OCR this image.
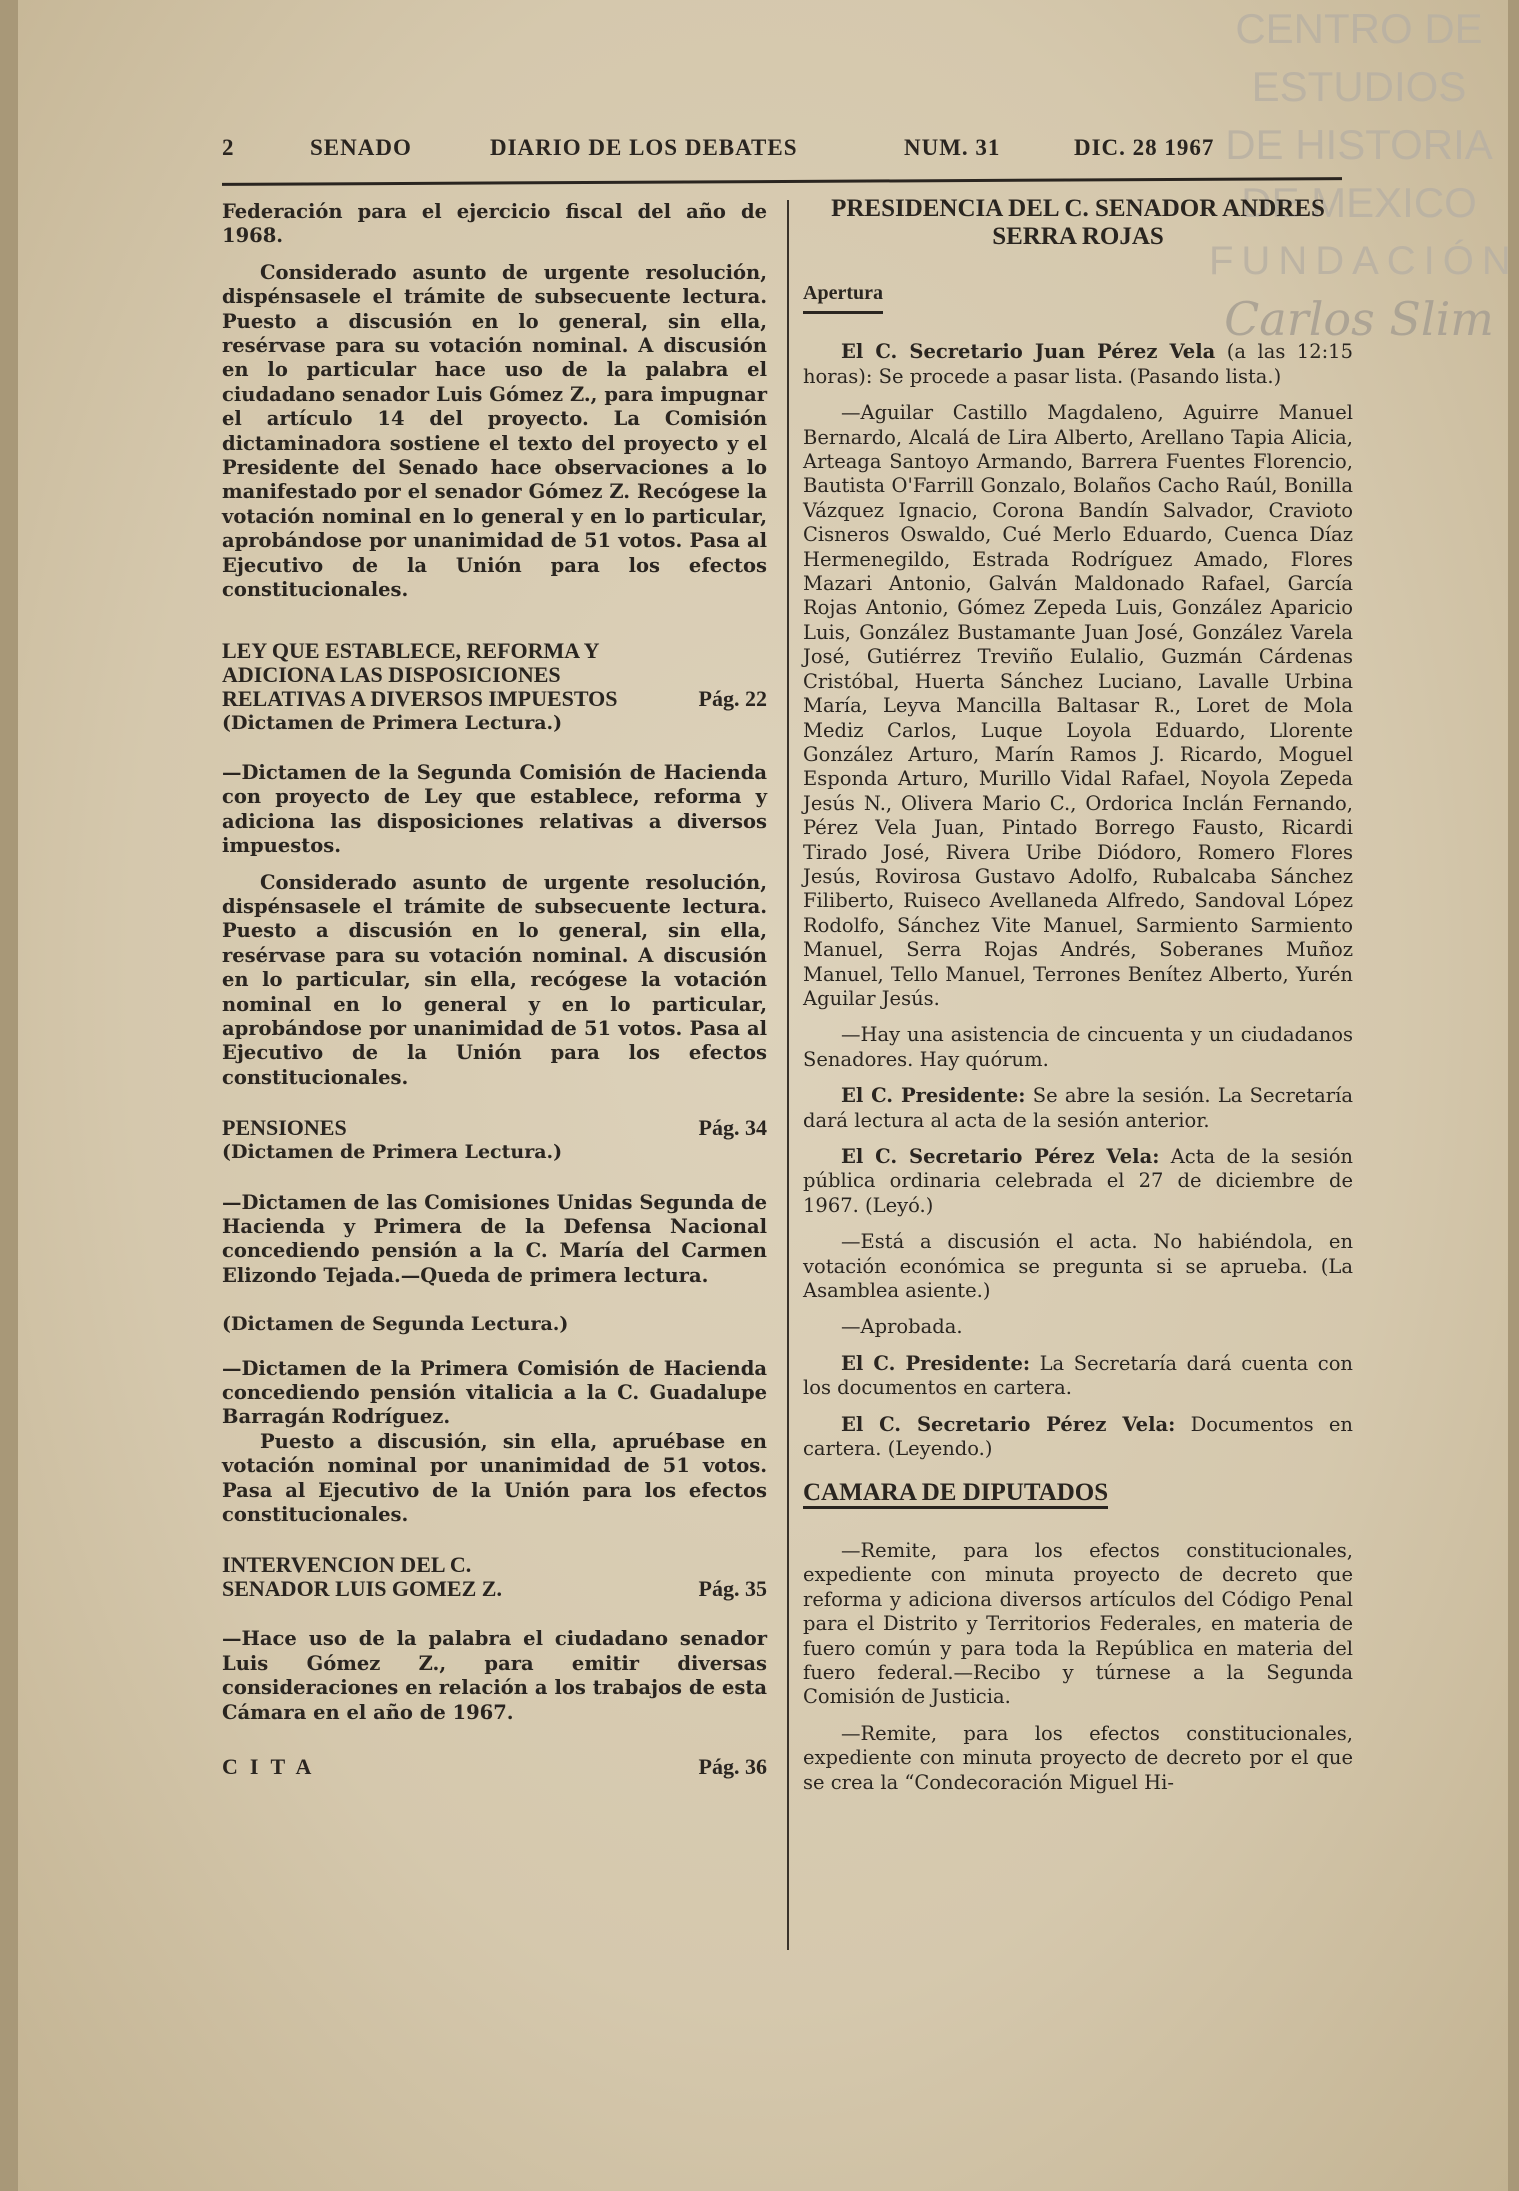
CENTRO DE
ESTUDIOS
DE HISTORIA
DE MEXICO
FUNDACIÓN
Carlos Slim
2	SENADO	DIARIO DE LOS DEBATES	NUM. 31	DIC. 28 1967

Federación para el ejercicio fiscal del año de 1968.

Considerado asunto de urgente resolución, dispénsasele el trámite de subsecuente lectura. Puesto a discusión en lo general, sin ella, resérvase para su votación nominal. A discusión en lo particular hace uso de la palabra el ciudadano senador Luis Gómez Z., para impugnar el artículo 14 del proyecto. La Comisión dictaminadora sostiene el texto del proyecto y el Presidente del Senado hace observaciones a lo manifestado por el senador Gómez Z. Recógese la votación nominal en lo general y en lo particular, aprobándose por unanimidad de 51 votos. Pasa al Ejecutivo de la Unión para los efectos constitucionales.

LEY QUE ESTABLECE, REFORMA Y ADICIONA LAS DISPOSICIONES RELATIVAS A DIVERSOS IMPUESTOS	Pág. 22
(Dictamen de Primera Lectura.)

—Dictamen de la Segunda Comisión de Hacienda con proyecto de Ley que establece, reforma y adiciona las disposiciones relativas a diversos impuestos.

Considerado asunto de urgente resolución, dispénsasele el trámite de subsecuente lectura. Puesto a discusión en lo general, sin ella, resérvase para su votación nominal. A discusión en lo particular, sin ella, recógese la votación nominal en lo general y en lo particular, aprobándose por unanimidad de 51 votos. Pasa al Ejecutivo de la Unión para los efectos constitucionales.

PENSIONES	Pág. 34
(Dictamen de Primera Lectura.)

—Dictamen de las Comisiones Unidas Segunda de Hacienda y Primera de la Defensa Nacional concediendo pensión a la C. María del Carmen Elizondo Tejada.—Queda de primera lectura.

(Dictamen de Segunda Lectura.)

—Dictamen de la Primera Comisión de Hacienda concediendo pensión vitalicia a la C. Guadalupe Barragán Rodríguez.

Puesto a discusión, sin ella, apruébase en votación nominal por unanimidad de 51 votos. Pasa al Ejecutivo de la Unión para los efectos constitucionales.

INTERVENCION DEL C. SENADOR LUIS GOMEZ Z.	Pág. 35

—Hace uso de la palabra el ciudadano senador Luis Gómez Z., para emitir diversas consideraciones en relación a los trabajos de esta Cámara en el año de 1967.

CITA	Pág. 36
PRESIDENCIA DEL C. SENADOR ANDRES SERRA ROJAS
Apertura

El C. Secretario Juan Pérez Vela (a las 12:15 horas): Se procede a pasar lista. (Pasando lista.)

—Aguilar Castillo Magdaleno, Aguirre Manuel Bernardo, Alcalá de Lira Alberto, Arellano Tapia Alicia, Arteaga Santoyo Armando, Barrera Fuentes Florencio, Bautista O'Farrill Gonzalo, Bolaños Cacho Raúl, Bonilla Vázquez Ignacio, Corona Bandín Salvador, Cravioto Cisneros Oswaldo, Cué Merlo Eduardo, Cuenca Díaz Hermenegildo, Estrada Rodríguez Amado, Flores Mazari Antonio, Galván Maldonado Rafael, García Rojas Antonio, Gómez Zepeda Luis, González Aparicio Luis, González Bustamante Juan José, González Varela José, Gutiérrez Treviño Eulalio, Guzmán Cárdenas Cristóbal, Huerta Sánchez Luciano, Lavalle Urbina María, Leyva Mancilla Baltasar R., Loret de Mola Mediz Carlos, Luque Loyola Eduardo, Llorente González Arturo, Marín Ramos J. Ricardo, Moguel Esponda Arturo, Murillo Vidal Rafael, Noyola Zepeda Jesús N., Olivera Mario C., Ordorica Inclán Fernando, Pérez Vela Juan, Pintado Borrego Fausto, Ricardi Tirado José, Rivera Uribe Diódoro, Romero Flores Jesús, Rovirosa Gustavo Adolfo, Rubalcaba Sánchez Filiberto, Ruiseco Avellaneda Alfredo, Sandoval López Rodolfo, Sánchez Vite Manuel, Sarmiento Sarmiento Manuel, Serra Rojas Andrés, Soberanes Muñoz Manuel, Tello Manuel, Terrones Benítez Alberto, Yurén Aguilar Jesús.

—Hay una asistencia de cincuenta y un ciudadanos Senadores. Hay quórum.

El C. Presidente: Se abre la sesión. La Secretaría dará lectura al acta de la sesión anterior.

El C. Secretario Pérez Vela: Acta de la sesión pública ordinaria celebrada el 27 de diciembre de 1967. (Leyó.)

—Está a discusión el acta. No habiéndola, en votación económica se pregunta si se aprueba. (La Asamblea asiente.)

—Aprobada.

El C. Presidente: La Secretaría dará cuenta con los documentos en cartera.

El C. Secretario Pérez Vela: Documentos en cartera. (Leyendo.)

CAMARA DE DIPUTADOS

—Remite, para los efectos constitucionales, expediente con minuta proyecto de decreto que reforma y adiciona diversos artículos del Código Penal para el Distrito y Territorios Federales, en materia de fuero común y para toda la República en materia del fuero federal.—Recibo y túrnese a la Segunda Comisión de Justicia.

—Remite, para los efectos constitucionales, expediente con minuta proyecto de decreto por el que se crea la “Condecoración Miguel Hi-
